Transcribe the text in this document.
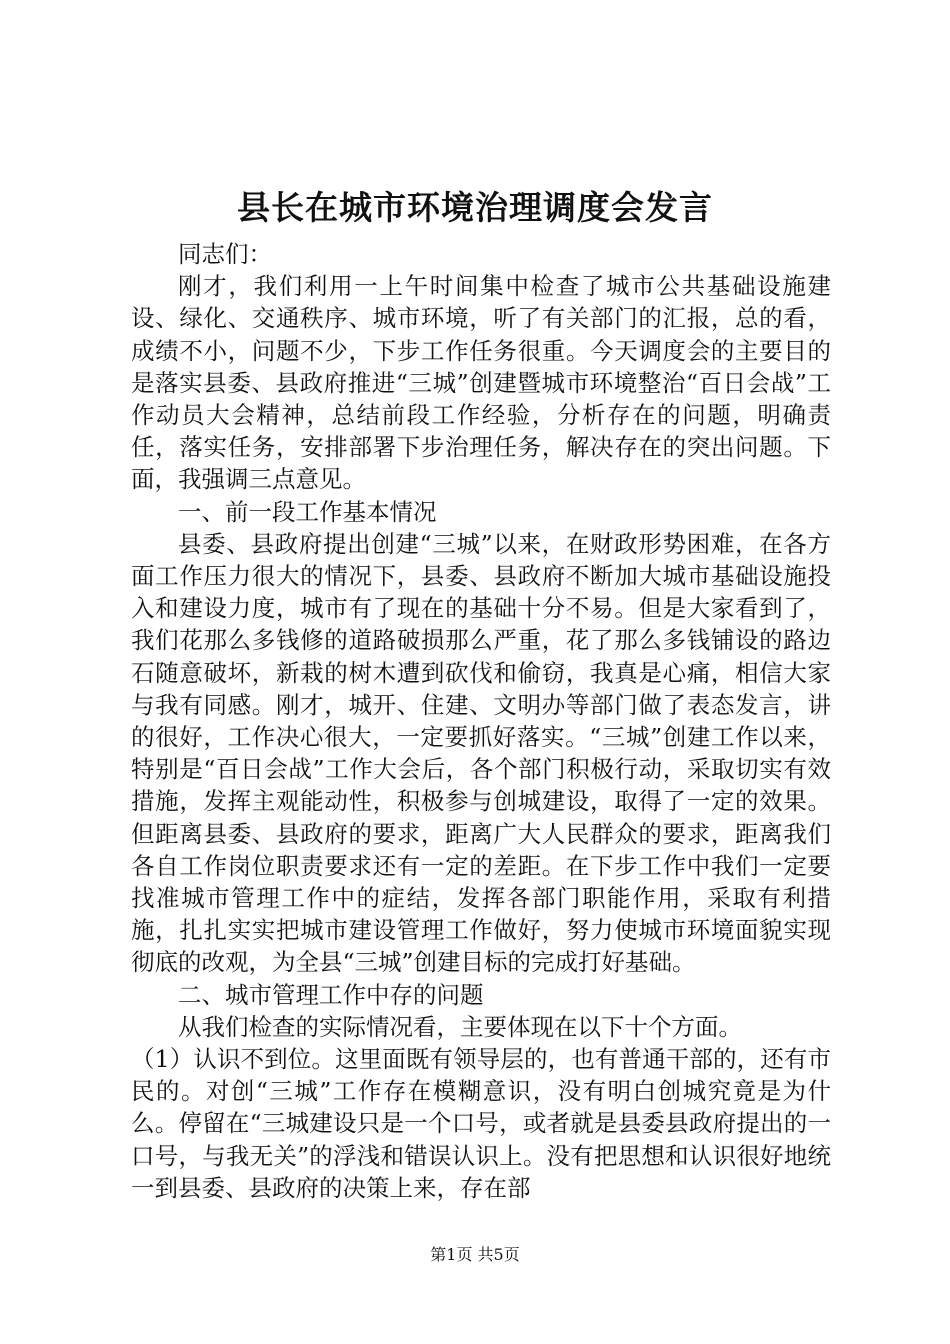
县长在城市环境治理调度会发言

同志们：

刚才，我们利用一上午时间集中检查了城市公共基础设施建设、绿化、交通秩序、城市环境，听了有关部门的汇报，总的看，成绩不小，问题不少，下步工作任务很重。今天调度会的主要目的是落实县委、县政府推进“三城”创建暨城市环境整治“百日会战”工作动员大会精神，总结前段工作经验，分析存在的问题，明确责任，落实任务，安排部署下步治理任务，解决存在的突出问题。下面，我强调三点意见。

一、前一段工作基本情况

县委、县政府提出创建“三城”以来，在财政形势困难，在各方面工作压力很大的情况下，县委、县政府不断加大城市基础设施投入和建设力度，城市有了现在的基础十分不易。但是大家看到了，我们花那么多钱修的道路破损那么严重，花了那么多钱铺设的路边石随意破坏，新栽的树木遭到砍伐和偷窃，我真是心痛，相信大家与我有同感。刚才，城开、住建、文明办等部门做了表态发言，讲的很好，工作决心很大，一定要抓好落实。“三城”创建工作以来，特别是“百日会战”工作大会后，各个部门积极行动，采取切实有效措施，发挥主观能动性，积极参与创城建设，取得了一定的效果。但距离县委、县政府的要求，距离广大人民群众的要求，距离我们各自工作岗位职责要求还有一定的差距。在下步工作中我们一定要找准城市管理工作中的症结，发挥各部门职能作用，采取有利措施，扎扎实实把城市建设管理工作做好，努力使城市环境面貌实现彻底的改观，为全县“三城”创建目标的完成打好基础。

二、城市管理工作中存的问题

从我们检查的实际情况看，主要体现在以下十个方面。

（1）认识不到位。这里面既有领导层的，也有普通干部的，还有市民的。对创“三城”工作存在模糊意识，没有明白创城究竟是为什么。停留在“三城建设只是一个口号，或者就是县委县政府提出的一口号，与我无关”的浮浅和错误认识上。没有把思想和认识很好地统一到县委、县政府的决策上来，存在部

第1页 共5页
